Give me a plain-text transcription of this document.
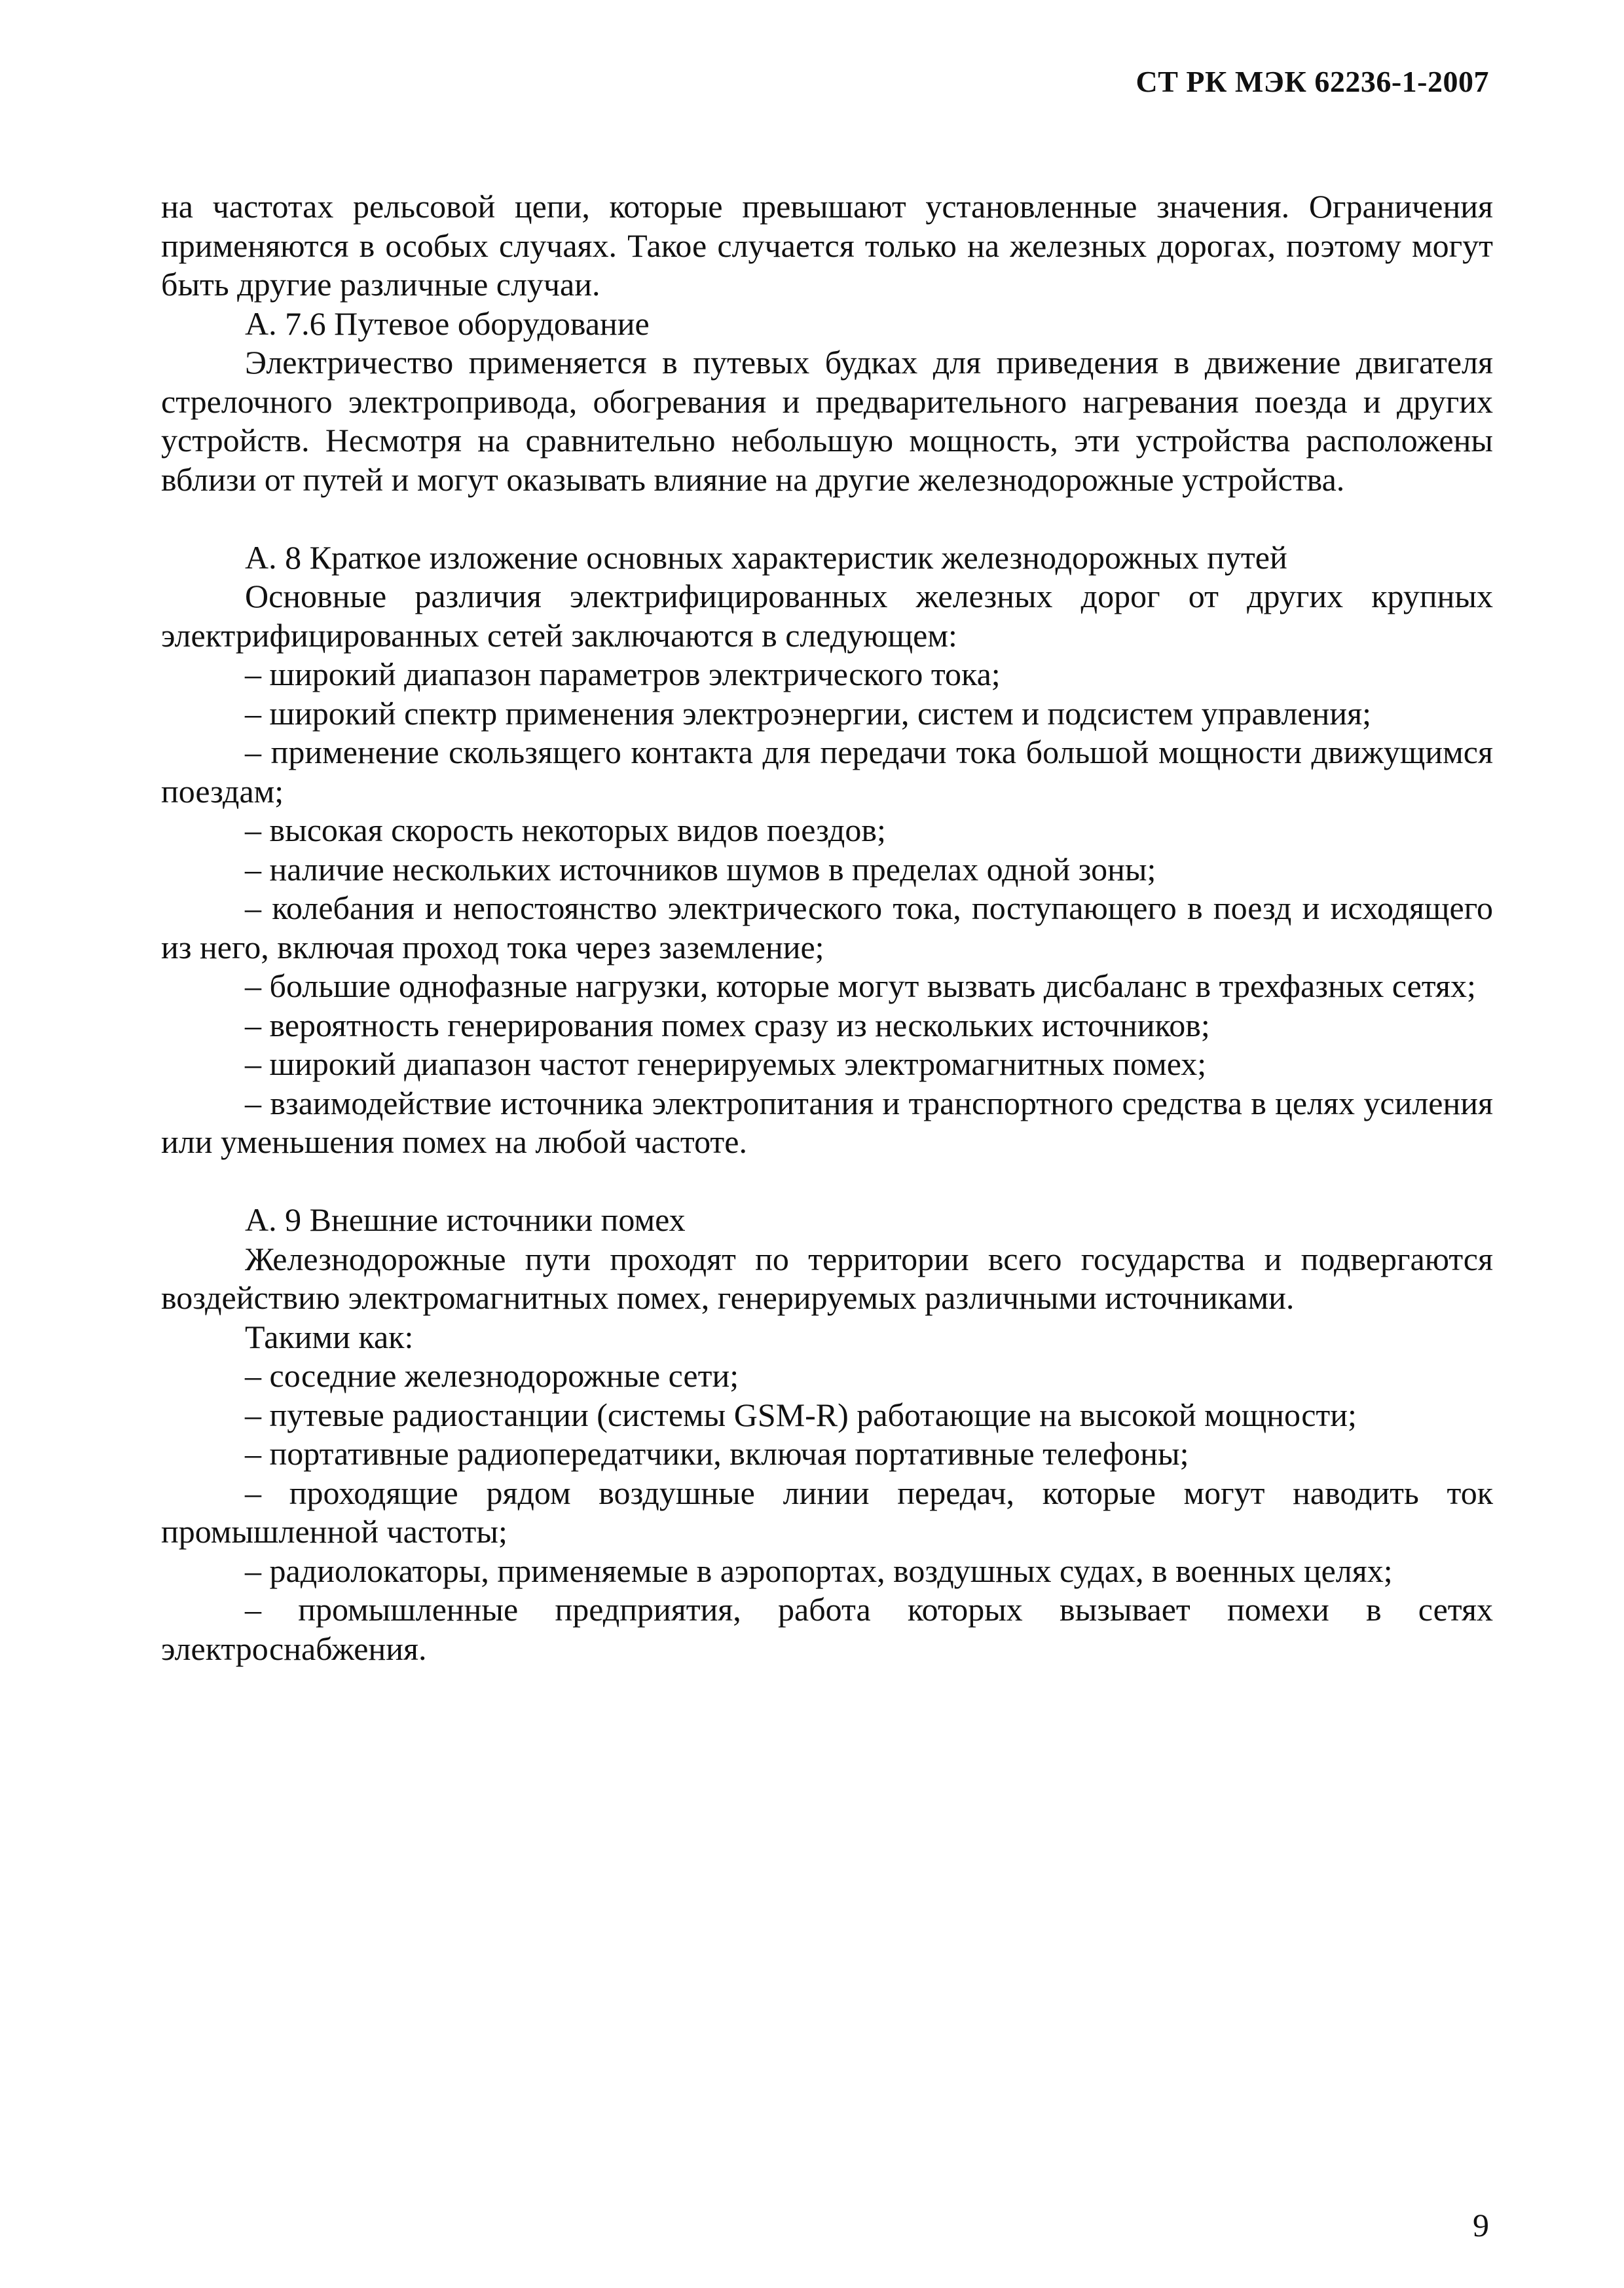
СТ РК МЭК 62236-1-2007

на частотах рельсовой цепи, которые превышают установленные значения. Ограничения применяются в особых случаях. Такое случается только на железных дорогах, поэтому могут быть другие различные случаи.

А. 7.6 Путевое оборудование

Электричество применяется в путевых будках для приведения в движение двигателя стрелочного электропривода, обогревания и предварительного нагревания поезда и других устройств. Несмотря на сравнительно небольшую мощность, эти устройства расположены вблизи от путей и могут оказывать влияние на другие железнодорожные устройства.

А. 8 Краткое изложение основных характеристик железнодорожных путей

Основные различия электрифицированных железных дорог от других крупных электрифицированных сетей заключаются в следующем:

– широкий диапазон параметров электрического тока;

– широкий спектр применения электроэнергии, систем и подсистем управления;

– применение скользящего контакта для передачи тока большой мощности движущимся поездам;

– высокая скорость некоторых видов поездов;

– наличие нескольких источников шумов в пределах одной зоны;

– колебания и непостоянство электрического тока, поступающего в поезд и исходящего из него, включая проход тока через заземление;

– большие однофазные нагрузки, которые могут вызвать дисбаланс в трехфазных сетях;

– вероятность генерирования помех сразу из нескольких источников;

– широкий диапазон частот генерируемых электромагнитных помех;

– взаимодействие источника электропитания и транспортного средства в целях усиления или уменьшения помех на любой частоте.

А. 9 Внешние источники помех

Железнодорожные пути проходят по территории всего государства и подвергаются воздействию электромагнитных помех, генерируемых различными источниками.

Такими как:

– соседние железнодорожные сети;

– путевые радиостанции (системы GSM-R) работающие на высокой мощности;

– портативные радиопередатчики, включая портативные телефоны;

– проходящие рядом воздушные линии передач, которые могут наводить ток промышленной частоты;

– радиолокаторы, применяемые в аэропортах, воздушных судах, в военных целях;

– промышленные предприятия, работа которых вызывает помехи в сетях электроснабжения.

9
